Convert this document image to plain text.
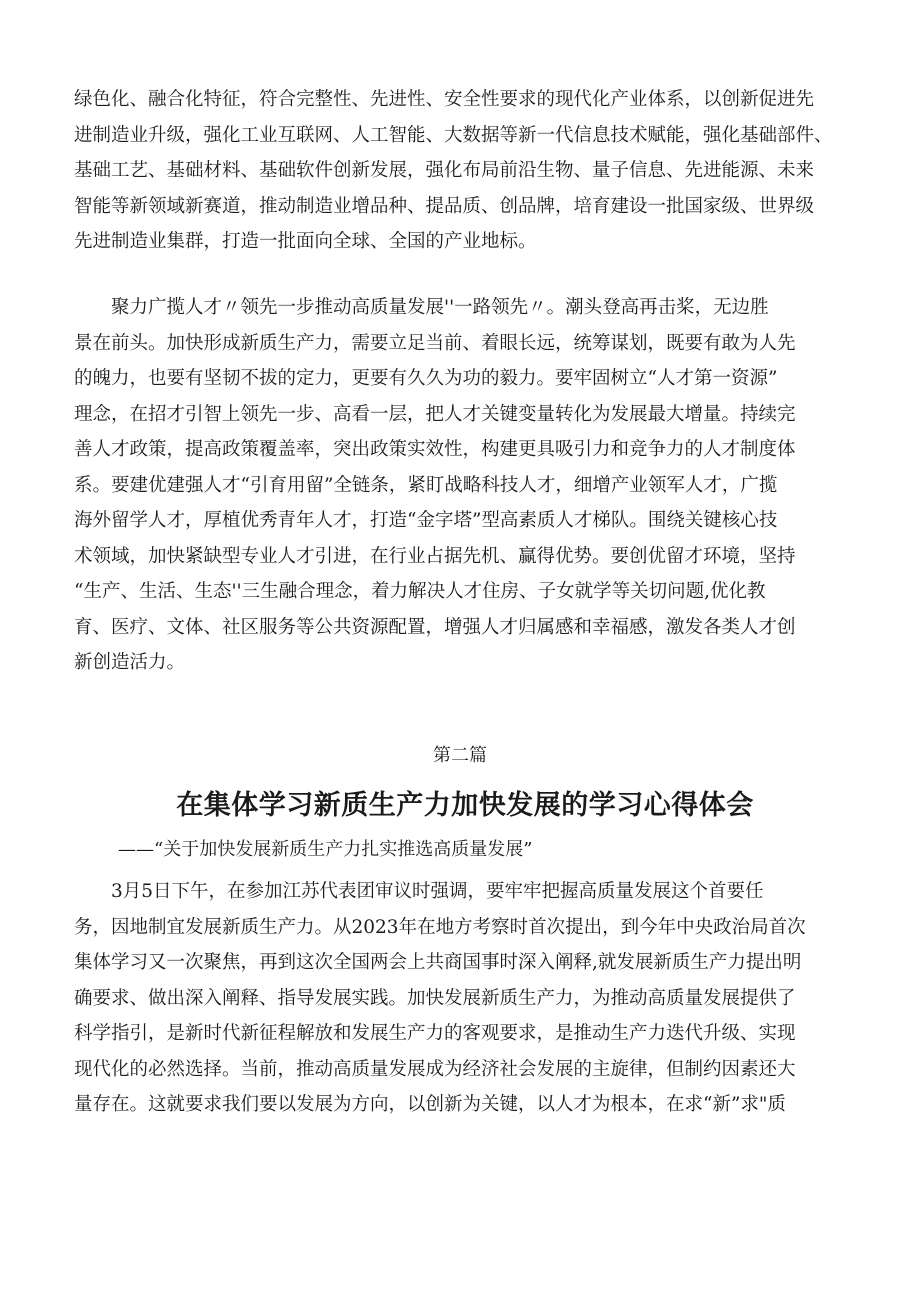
绿色化、融合化特征，符合完整性、先进性、安全性要求的现代化产业体系，以创新促进先
进制造业升级，强化工业互联网、人工智能、大数据等新一代信息技术赋能，强化基础部件、
基础工艺、基础材料、基础软件创新发展，强化布局前沿生物、量子信息、先进能源、未来
智能等新领域新赛道，推动制造业增品种、提品质、创品牌，培育建设一批国家级、世界级
先进制造业集群，打造一批面向全球、全国的产业地标。
　　聚力广揽人才〃领先一步推动高质量发展''一路领先〃。潮头登高再击桨，无边胜
景在前头。加快形成新质生产力，需要立足当前、着眼长远，统筹谋划，既要有敢为人先
的魄力，也要有坚韧不拔的定力，更要有久久为功的毅力。要牢固树立“人才第一资源”
理念，在招才引智上领先一步、高看一层，把人才关键变量转化为发展最大增量。持续完
善人才政策，提高政策覆盖率，突出政策实效性，构建更具吸引力和竞争力的人才制度体
系。要建优建强人才“引育用留”全链条，紧盯战略科技人才，细增产业领军人才，广揽
海外留学人才，厚植优秀青年人才，打造“金字塔”型高素质人才梯队。围绕关键核心技
术领域，加快紧缺型专业人才引进，在行业占据先机、赢得优势。要创优留才环境，坚持
“生产、生活、生态''三生融合理念，着力解决人才住房、子女就学等关切问题,优化教
育、医疗、文体、社区服务等公共资源配置，增强人才归属感和幸福感，激发各类人才创
新创造活力。
第二篇
在集体学习新质生产力加快发展的学习心得体会
——“关于加快发展新质生产力扎实推选高质量发展”
　　3月5日下午，在参加江苏代表团审议时强调，要牢牢把握高质量发展这个首要任
务，因地制宜发展新质生产力。从2023年在地方考察时首次提出，到今年中央政治局首次
集体学习又一次聚焦，再到这次全国两会上共商国事时深入阐释,就发展新质生产力提出明
确要求、做出深入阐释、指导发展实践。加快发展新质生产力，为推动高质量发展提供了
科学指引，是新时代新征程解放和发展生产力的客观要求，是推动生产力迭代升级、实现
现代化的必然选择。当前，推动高质量发展成为经济社会发展的主旋律，但制约因素还大
量存在。这就要求我们要以发展为方向，以创新为关键，以人才为根本，在求“新”求"质
